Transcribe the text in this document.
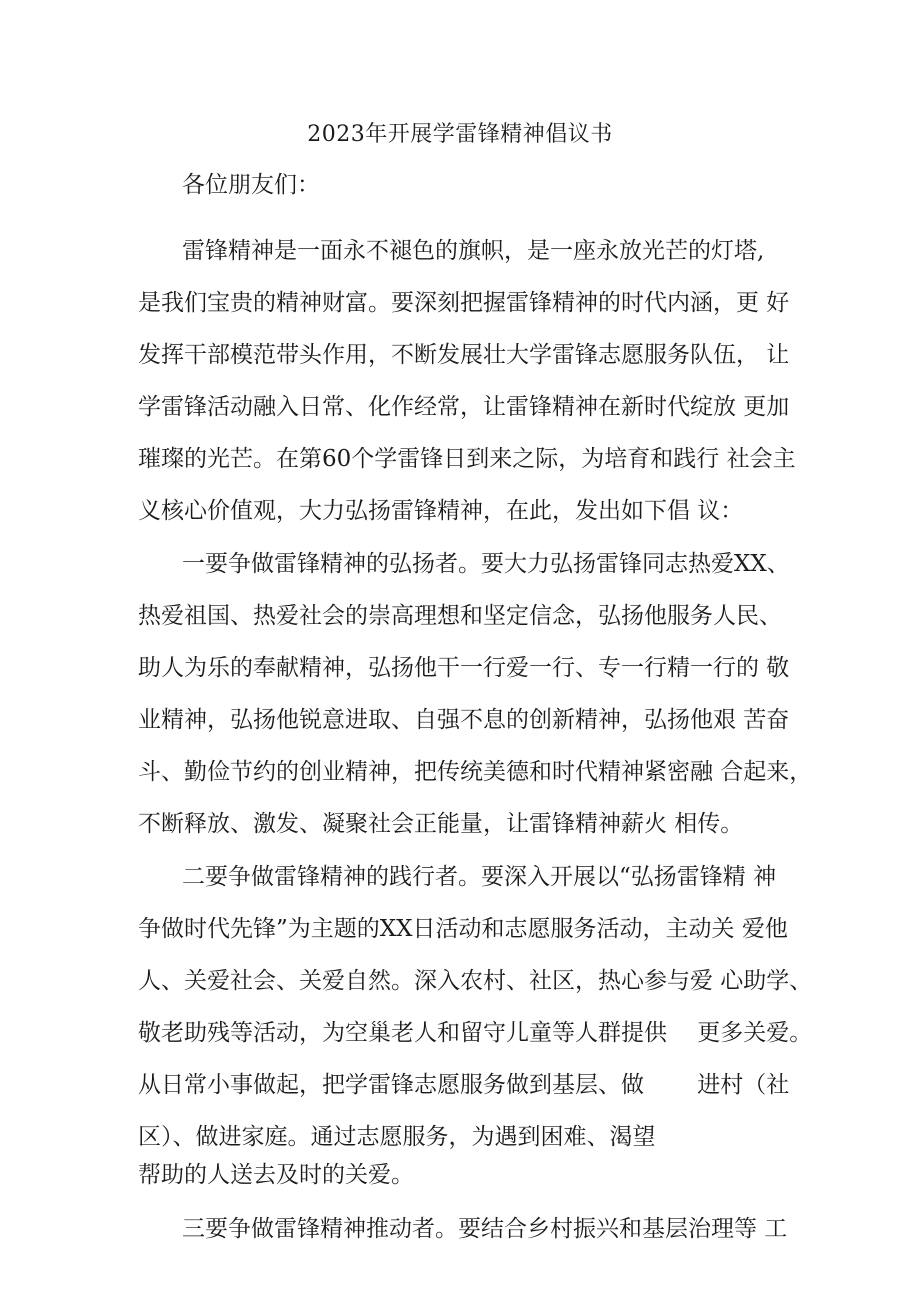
2023年开展学雷锋精神倡议书
各位朋友们：
雷锋精神是一面永不褪色的旗帜，是一座永放光芒的灯塔,
是我们宝贵的精神财富。要深刻把握雷锋精神的时代内涵，更 好
发挥干部模范带头作用，不断发展壮大学雷锋志愿服务队伍， 让
学雷锋活动融入日常、化作经常，让雷锋精神在新时代绽放 更加
璀璨的光芒。在第60个学雷锋日到来之际，为培育和践行 社会主
义核心价值观，大力弘扬雷锋精神，在此，发出如下倡 议：
一要争做雷锋精神的弘扬者。要大力弘扬雷锋同志热爱XX、
热爱祖国、热爱社会的崇高理想和坚定信念，弘扬他服务人民、
助人为乐的奉献精神，弘扬他干一行爱一行、专一行精一行的 敬
业精神，弘扬他锐意进取、自强不息的创新精神，弘扬他艰 苦奋
斗、勤俭节约的创业精神，把传统美德和时代精神紧密融 合起来，
不断释放、激发、凝聚社会正能量，让雷锋精神薪火 相传。
二要争做雷锋精神的践行者。要深入开展以“弘扬雷锋精 神
争做时代先锋”为主题的XX日活动和志愿服务活动，主动关 爱他
人、关爱社会、关爱自然。深入农村、社区，热心参与爱 心助学、
敬老助残等活动，为空巢老人和留守儿童等人群提供　 更多关爱。
从日常小事做起，把学雷锋志愿服务做到基层、做　　 进村（社
区）、做进家庭。通过志愿服务，为遇到困难、渴望
帮助的人送去及时的关爱。
三要争做雷锋精神推动者。要结合乡村振兴和基层治理等 工
